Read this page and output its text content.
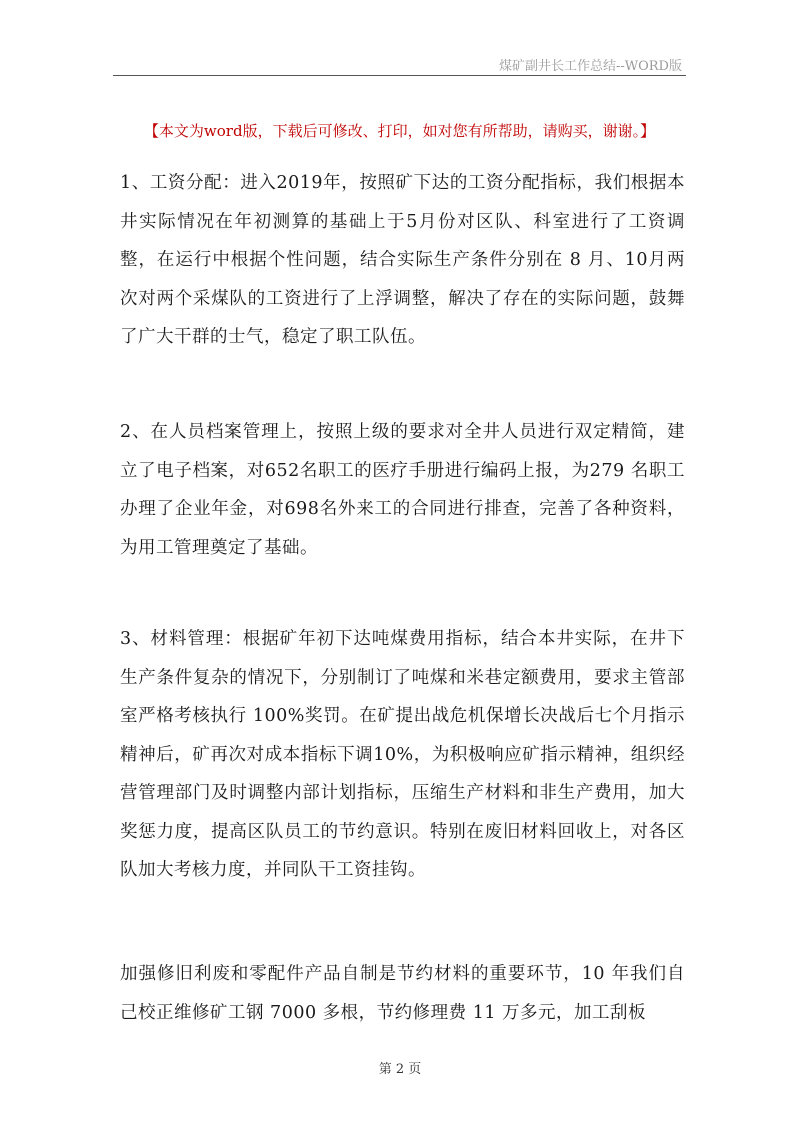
煤矿副井长工作总结--WORD版
【本文为word版，下载后可修改、打印，如对您有所帮助，请购买，谢谢。】
1、工资分配：进入2019年，按照矿下达的工资分配指标，我们根据本井实际情况在年初测算的基础上于5月份对区队、科室进行了工资调整，在运行中根据个性问题，结合实际生产条件分别在 8 月、10月两次对两个采煤队的工资进行了上浮调整，解决了存在的实际问题，鼓舞了广大干群的士气，稳定了职工队伍。
2、在人员档案管理上，按照上级的要求对全井人员进行双定精简，建立了电子档案，对652名职工的医疗手册进行编码上报，为279 名职工办理了企业年金，对698名外来工的合同进行排查，完善了各种资料，为用工管理奠定了基础。
3、材料管理：根据矿年初下达吨煤费用指标，结合本井实际，在井下生产条件复杂的情况下，分别制订了吨煤和米巷定额费用，要求主管部室严格考核执行 100%奖罚。在矿提出战危机保增长决战后七个月指示精神后，矿再次对成本指标下调10%，为积极响应矿指示精神，组织经营管理部门及时调整内部计划指标，压缩生产材料和非生产费用，加大奖惩力度，提高区队员工的节约意识。特别在废旧材料回收上，对各区队加大考核力度，并同队干工资挂钩。
加强修旧利废和零配件产品自制是节约材料的重要环节，10 年我们自己校正维修矿工钢 7000 多根，节约修理费 11 万多元，加工刮板
第 2 页
